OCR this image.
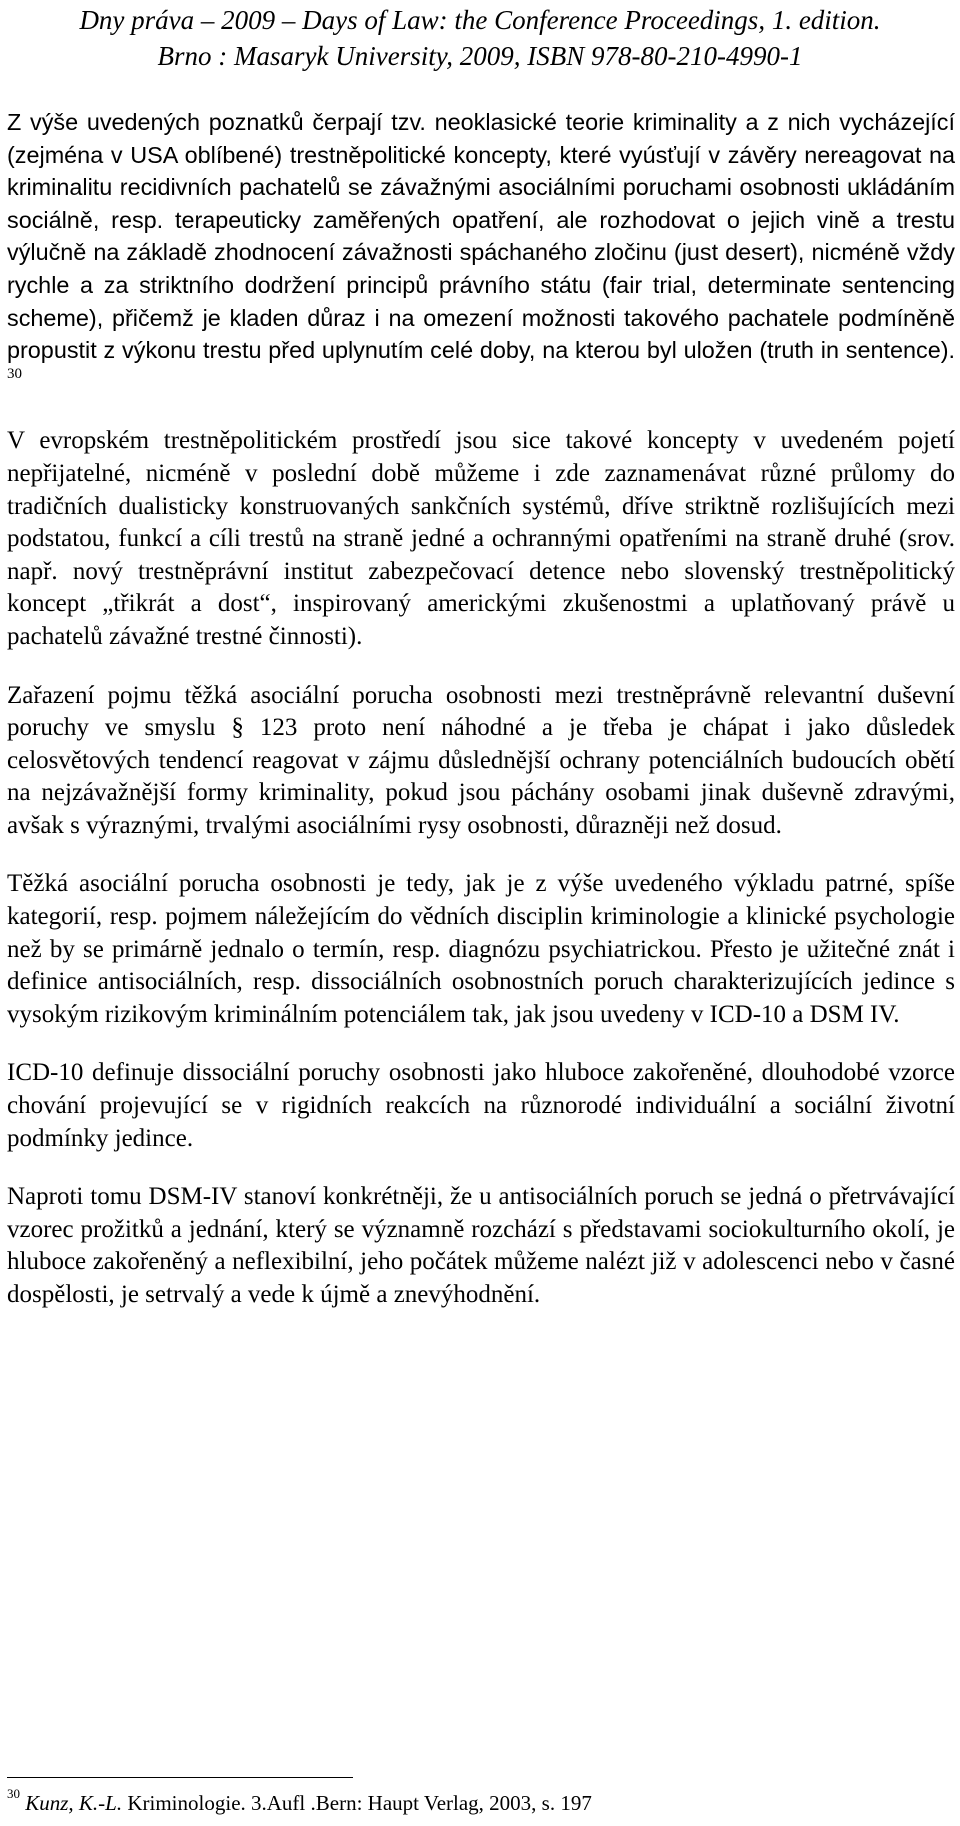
Dny práva – 2009 – Days of Law: the Conference Proceedings, 1. edition.
Brno : Masaryk University, 2009, ISBN 978-80-210-4990-1

Z výše uvedených poznatků čerpají tzv. neoklasické teorie kriminality a z nich vycházející (zejména v USA oblíbené) trestněpolitické koncepty, které vyúsťují v závěry nereagovat na kriminalitu recidivních pachatelů se závažnými asociálními poruchami osobnosti ukládáním sociálně, resp. terapeuticky zaměřených opatření, ale rozhodovat o jejich vině a trestu výlučně na základě zhodnocení závažnosti spáchaného zločinu (just desert), nicméně vždy rychle a za striktního dodržení principů právního státu (fair trial, determinate sentencing scheme), přičemž je kladen důraz i na omezení možnosti takového pachatele podmíněně propustit z výkonu trestu před uplynutím celé doby, na kterou byl uložen (truth in sentence). $^{30}$

V evropském trestněpolitickém prostředí jsou sice takové koncepty v uvedeném pojetí nepřijatelné, nicméně v poslední době můžeme i zde zaznamenávat různé průlomy do tradičních dualisticky konstruovaných sankčních systémů, dříve striktně rozlišujících mezi podstatou, funkcí a cíli trestů na straně jedné a ochrannými opatřeními na straně druhé (srov. např. nový trestněprávní institut zabezpečovací detence nebo slovenský trestněpolitický koncept „třikrát a dost“, inspirovaný americkými zkušenostmi a uplatňovaný právě u pachatelů závažné trestné činnosti).

Zařazení pojmu těžká asociální porucha osobnosti mezi trestněprávně relevantní duševní poruchy ve smyslu § 123 proto není náhodné a je třeba je chápat i jako důsledek celosvětových tendencí reagovat v zájmu důslednější ochrany potenciálních budoucích obětí na nejzávažnější formy kriminality, pokud jsou páchány osobami jinak duševně zdravými, avšak s výraznými, trvalými asociálními rysy osobnosti, důrazněji než dosud.

Těžká asociální porucha osobnosti je tedy, jak je z výše uvedeného výkladu patrné, spíše kategorií, resp. pojmem náležejícím do vědních disciplin kriminologie a klinické psychologie než by se primárně jednalo o termín, resp. diagnózu psychiatrickou. Přesto je užitečné znát i definice antisociálních, resp. dissociálních osobnostních poruch charakterizujících jedince s vysokým rizikovým kriminálním potenciálem tak, jak jsou uvedeny v ICD-10 a DSM IV.

ICD-10 definuje dissociální poruchy osobnosti jako hluboce zakořeněné, dlouhodobé vzorce chování projevující se v rigidních reakcích na různorodé individuální a sociální životní podmínky jedince.

Naproti tomu DSM-IV stanoví konkrétněji, že u antisociálních poruch se jedná o přetrvávající vzorec prožitků a jednání, který se významně rozchází s představami sociokulturního okolí, je hluboce zakořeněný a neflexibilní, jeho počátek můžeme nalézt již v adolescenci nebo v časné dospělosti, je setrvalý a vede k újmě a znevýhodnění.

$^{30}$ Kunz, K.-L. Kriminologie. 3.Aufl .Bern: Haupt Verlag, 2003, s. 197
